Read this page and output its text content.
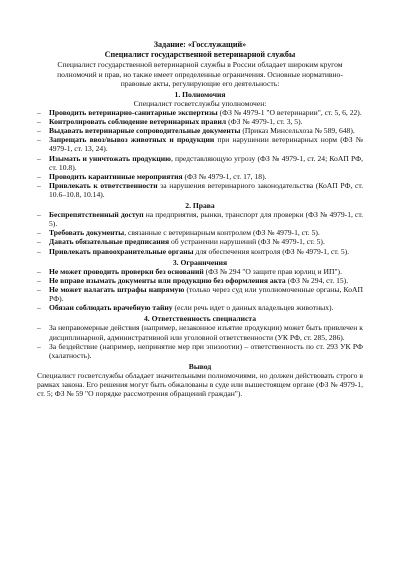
Задание: «Госслужащий»
Специалист государственной ветеринарной службы
Специалист государственной ветеринарной службы в России обладает широким кругом полномочий и прав, но также имеет определенные ограничения. Основные нормативно-правовые акты, регулирующие его деятельность:
1. Полномочия
Специалист госветслужбы уполномочен:
– Проводить ветеринарно-санитарные экспертизы (ФЗ № 4979-1 "О ветеринарии", ст. 5, 6, 22).
– Контролировать соблюдение ветеринарных правил (ФЗ № 4979-1, ст. 3, 5).
– Выдавать ветеринарные сопроводительные документы (Приказ Минсельхоза № 589, 648).
– Запрещать ввоз/вывоз животных и продукции при нарушении ветеринарных норм (ФЗ № 4979-1, ст. 13, 24).
– Изымать и уничтожать продукцию, представляющую угрозу (ФЗ № 4979-1, ст. 24; КоАП РФ, ст. 10.8).
– Проводить карантинные мероприятия (ФЗ № 4979-1, ст. 17, 18).
– Привлекать к ответственности за нарушения ветеринарного законодательства (КоАП РФ, ст. 10.6–10.8, 10.14).
2. Права
– Беспрепятственный доступ на предприятия, рынки, транспорт для проверки (ФЗ № 4979-1, ст. 5).
– Требовать документы, связанные с ветеринарным контролем (ФЗ № 4979-1, ст. 5).
– Давать обязательные предписания об устранении нарушений (ФЗ № 4979-1, ст. 5).
– Привлекать правоохранительные органы для обеспечения контроля (ФЗ № 4979-1, ст. 5).
3. Ограничения
– Не может проводить проверки без оснований (ФЗ № 294 "О защите прав юрлиц и ИП").
– Не вправе изымать документы или продукцию без оформления акта (ФЗ № 294, ст. 15).
– Не может налагать штрафы напрямую (только через суд или уполномоченные органы, КоАП РФ).
– Обязан соблюдать врачебную тайну (если речь идет о данных владельцев животных).
4. Ответственность специалиста
– За неправомерные действия (например, незаконное изъятие продукции) может быть привлечен к дисциплинарной, административной или уголовной ответственности (УК РФ, ст. 285, 286).
– За бездействие (например, непринятие мер при эпизоотии) – ответственность по ст. 293 УК РФ (халатность).
Вывод
Специалист госветслужбы обладает значительными полномочиями, но должен действовать строго в рамках закона. Его решения могут быть обжалованы в суде или вышестоящем органе (ФЗ № 4979-1, ст. 5; ФЗ № 59 "О порядке рассмотрения обращений граждан").
